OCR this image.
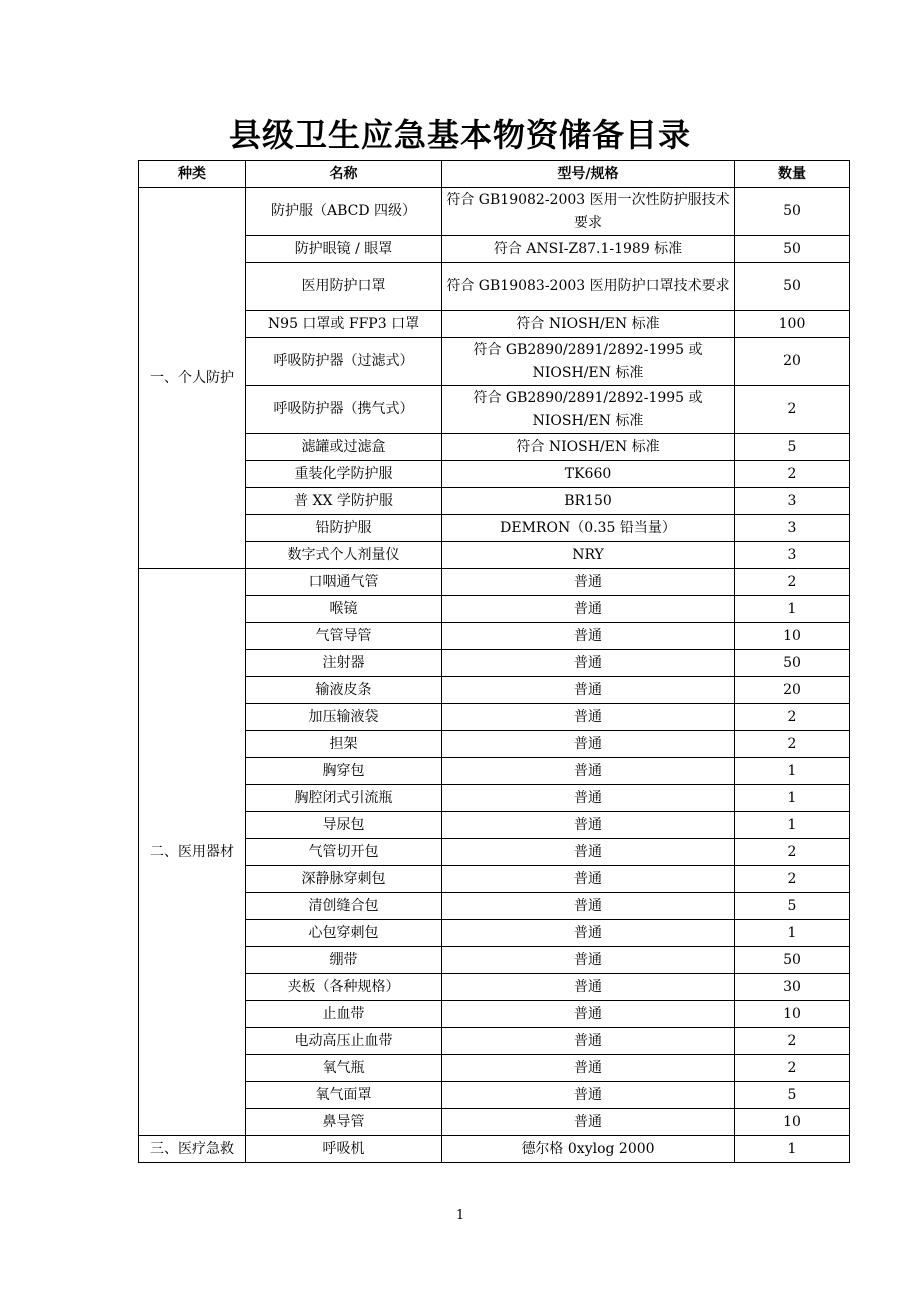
县级卫生应急基本物资储备目录
种类	名称	型号/规格	数量
一、个人防护	防护服（ABCD 四级）	符合 GB19082-2003 医用一次性防护服技术要求	50
	防护眼镜 / 眼罩	符合 ANSI-Z87.1-1989 标准	50
	医用防护口罩	符合 GB19083-2003 医用防护口罩技术要求	50
	N95 口罩或 FFP3 口罩	符合 NIOSH/EN 标准	100
	呼吸防护器（过滤式）	符合 GB2890/2891/2892-1995 或 NIOSH/EN 标准	20
	呼吸防护器（携气式）	符合 GB2890/2891/2892-1995 或 NIOSH/EN 标准	2
	滤罐或过滤盒	符合 NIOSH/EN 标准	5
	重装化学防护服	TK660	2
	普 XX 学防护服	BR150	3
	铅防护服	DEMRON（0.35 铅当量）	3
	数字式个人剂量仪	NRY	3
二、医用器材	口咽通气管	普通	2
	喉镜	普通	1
	气管导管	普通	10
	注射器	普通	50
	输液皮条	普通	20
	加压输液袋	普通	2
	担架	普通	2
	胸穿包	普通	1
	胸腔闭式引流瓶	普通	1
	导尿包	普通	1
	气管切开包	普通	2
	深静脉穿刺包	普通	2
	清创缝合包	普通	5
	心包穿刺包	普通	1
	绷带	普通	50
	夹板（各种规格）	普通	30
	止血带	普通	10
	电动高压止血带	普通	2
	氧气瓶	普通	2
	氧气面罩	普通	5
	鼻导管	普通	10
三、医疗急救	呼吸机	德尔格 0xylog 2000	1
1
